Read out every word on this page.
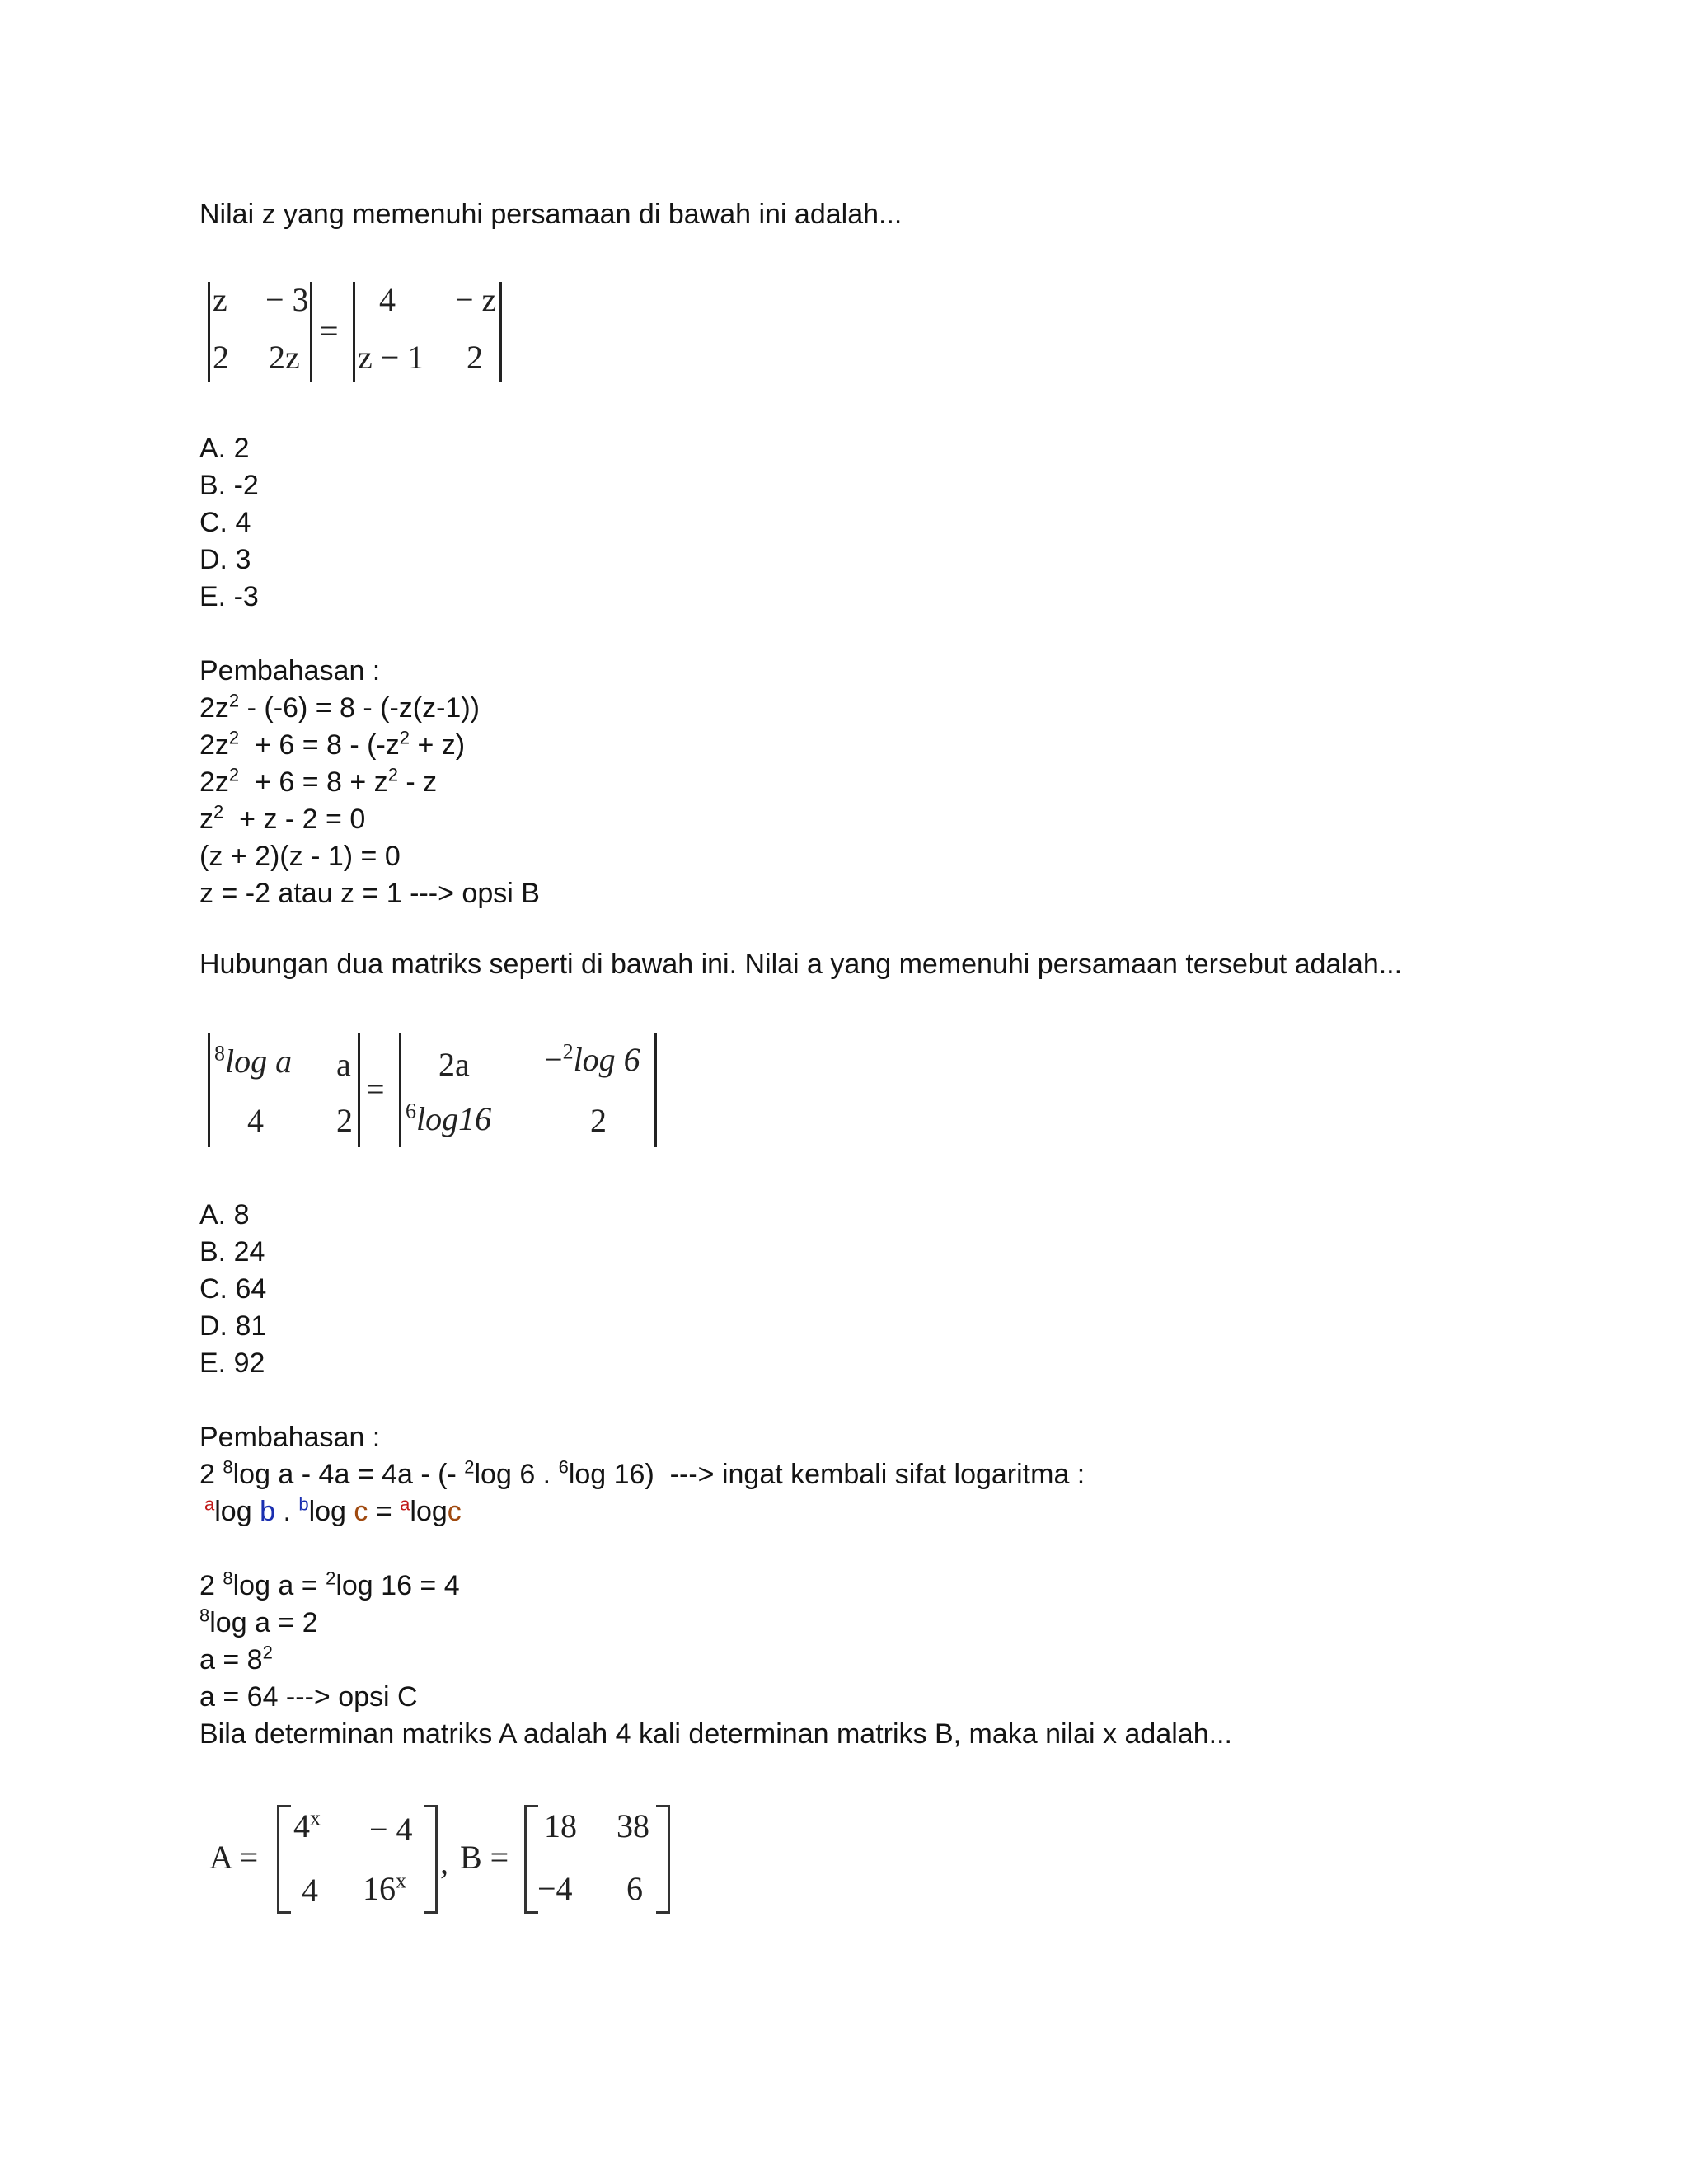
Nilai z yang memenuhi persamaan di bawah ini adalah...
z − 3
2 2z
=
4 − z
z − 1 2
A. 2
B. -2
C. 4
D. 3
E. -3
Pembahasan :
$2z^2 - (-6) = 8 - (-z(z-1))$
$2z^2 + 6 = 8 - (-z^2 + z)$
$2z^2 + 6 = 8 + z^2 - z$
$z^2 + z - 2 = 0$
(z + 2)(z - 1) = 0
z = -2 atau z = 1 ---> opsi B
Hubungan dua matriks seperti di bawah ini. Nilai a yang memenuhi persamaan tersebut adalah...
$^8$log a a
4 2
=
2a −$^2$log 6
$^6$log16	2
A. 8
B. 24
C. 64
D. 81
E. 92
Pembahasan :
2 $^8$log a - 4a = 4a - (- $^2$log 6 . $^6$log 16)  ---> ingat kembali sifat logaritma :
$^a$log b . $^b$log c = $^a$logc
2 $^8$log a = $^2$log 16 = 4
$^8$log a = 2
$a = 8^2$
a = 64 ---> opsi C
Bila determinan matriks A adalah 4 kali determinan matriks B, maka nilai x adalah...
A =
$4^x - 4$
4 16$^x$
, B =
18 38
−4 6
